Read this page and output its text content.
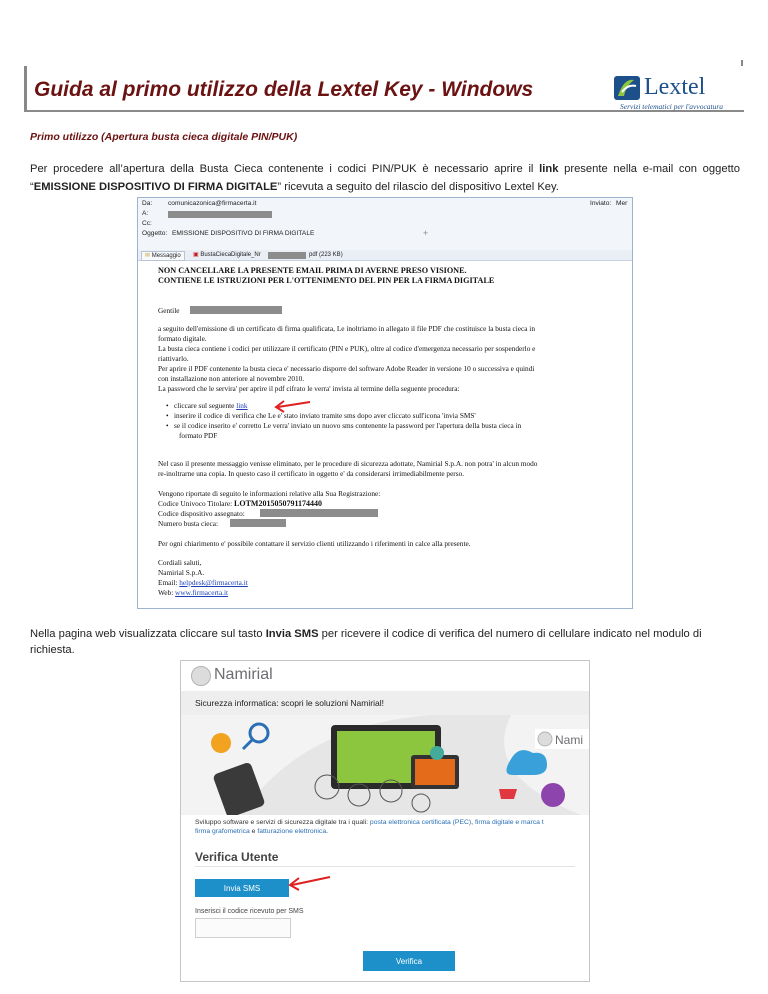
Guida al primo utilizzo della Lextel Key - Windows	Lextel
Servizi telematici per l'avvocatura
Primo utilizzo (Apertura busta cieca digitale PIN/PUK)
Per procedere all’apertura della Busta Cieca contenente i codici PIN/PUK è necessario aprire il link presente nella e-mail con oggetto “EMISSIONE DISPOSITIVO DI FIRMA DIGITALE” ricevuta a seguito del rilascio del dispositivo Lextel Key.
Da: comunicazonica@firmacerta.it
A:
Cc:
Oggetto: EMISSIONE DISPOSITIVO DI FIRMA DIGITALE
Inviato: Mer
+
✉ Messaggio	▣ BustaCiecaDigitale_Nr	pdf (223 KB)
NON CANCELLARE LA PRESENTE EMAIL PRIMA DI AVERNE PRESO VISIONE.
CONTIENE LE ISTRUZIONI PER L'OTTENIMENTO DEL PIN PER LA FIRMA DIGITALE
Gentile
a seguito dell'emissione di un certificato di firma qualificata, Le inoltriamo in allegato il file PDF che costituisce la busta cieca in
formato digitale.
La busta cieca contiene i codici per utilizzare il certificato (PIN e PUK), oltre al codice d'emergenza necessario per sospenderlo e
riattivarlo.
Per aprire il PDF contenente la busta cieca e' necessario disporre del software Adobe Reader in versione 10 o successiva e quindi
con installazione non anteriore al novembre 2010.
La password che le servira' per aprire il pdf cifrato le verra' invista al termine della seguente procedura:
•   cliccare sul seguente link
•   inserire il codice di verifica che Le e' stato inviato tramite sms dopo aver cliccato sull'icona 'invia SMS'
•   se il codice inserito e' corretto Le verra' inviato un nuovo sms contenente la password per l'apertura della busta cieca in
formato PDF
Nel caso il presente messaggio venisse eliminato, per le procedure di sicurezza adottate, Namirial S.p.A. non potra' in alcun modo
re-inoltrarne una copia. In questo caso il certificato in oggetto e' da considerarsi irrimediabilmente perso.
Vengono riportate di seguito le informazioni relative alla Sua Registrazione:
Codice Univoco Titolare: LOTM2015050791174440
Codice dispositivo assegnato:
Numero busta cieca:
Per ogni chiarimento e' possibile contattare il servizio clienti utilizzando i riferimenti in calce alla presente.
Cordiali saluti,
Namirial S.p.A.
Email: helpdesk@firmacerta.it
Web: www.firmacerta.it
Nella pagina web visualizzata cliccare sul tasto Invia SMS per ricevere il codice di verifica del numero di cellulare indicato nel modulo di richiesta.
Namirial
Sicurezza informatica: scopri le soluzioni Namirial!
Nami
Sviluppo software e servizi di sicurezza digitale tra i quali: posta elettronica certificata (PEC), firma digitale e marca t
firma grafometrica e fatturazione elettronica.
Verifica Utente
Invia SMS
Inserisci il codice ricevuto per SMS
Verifica
